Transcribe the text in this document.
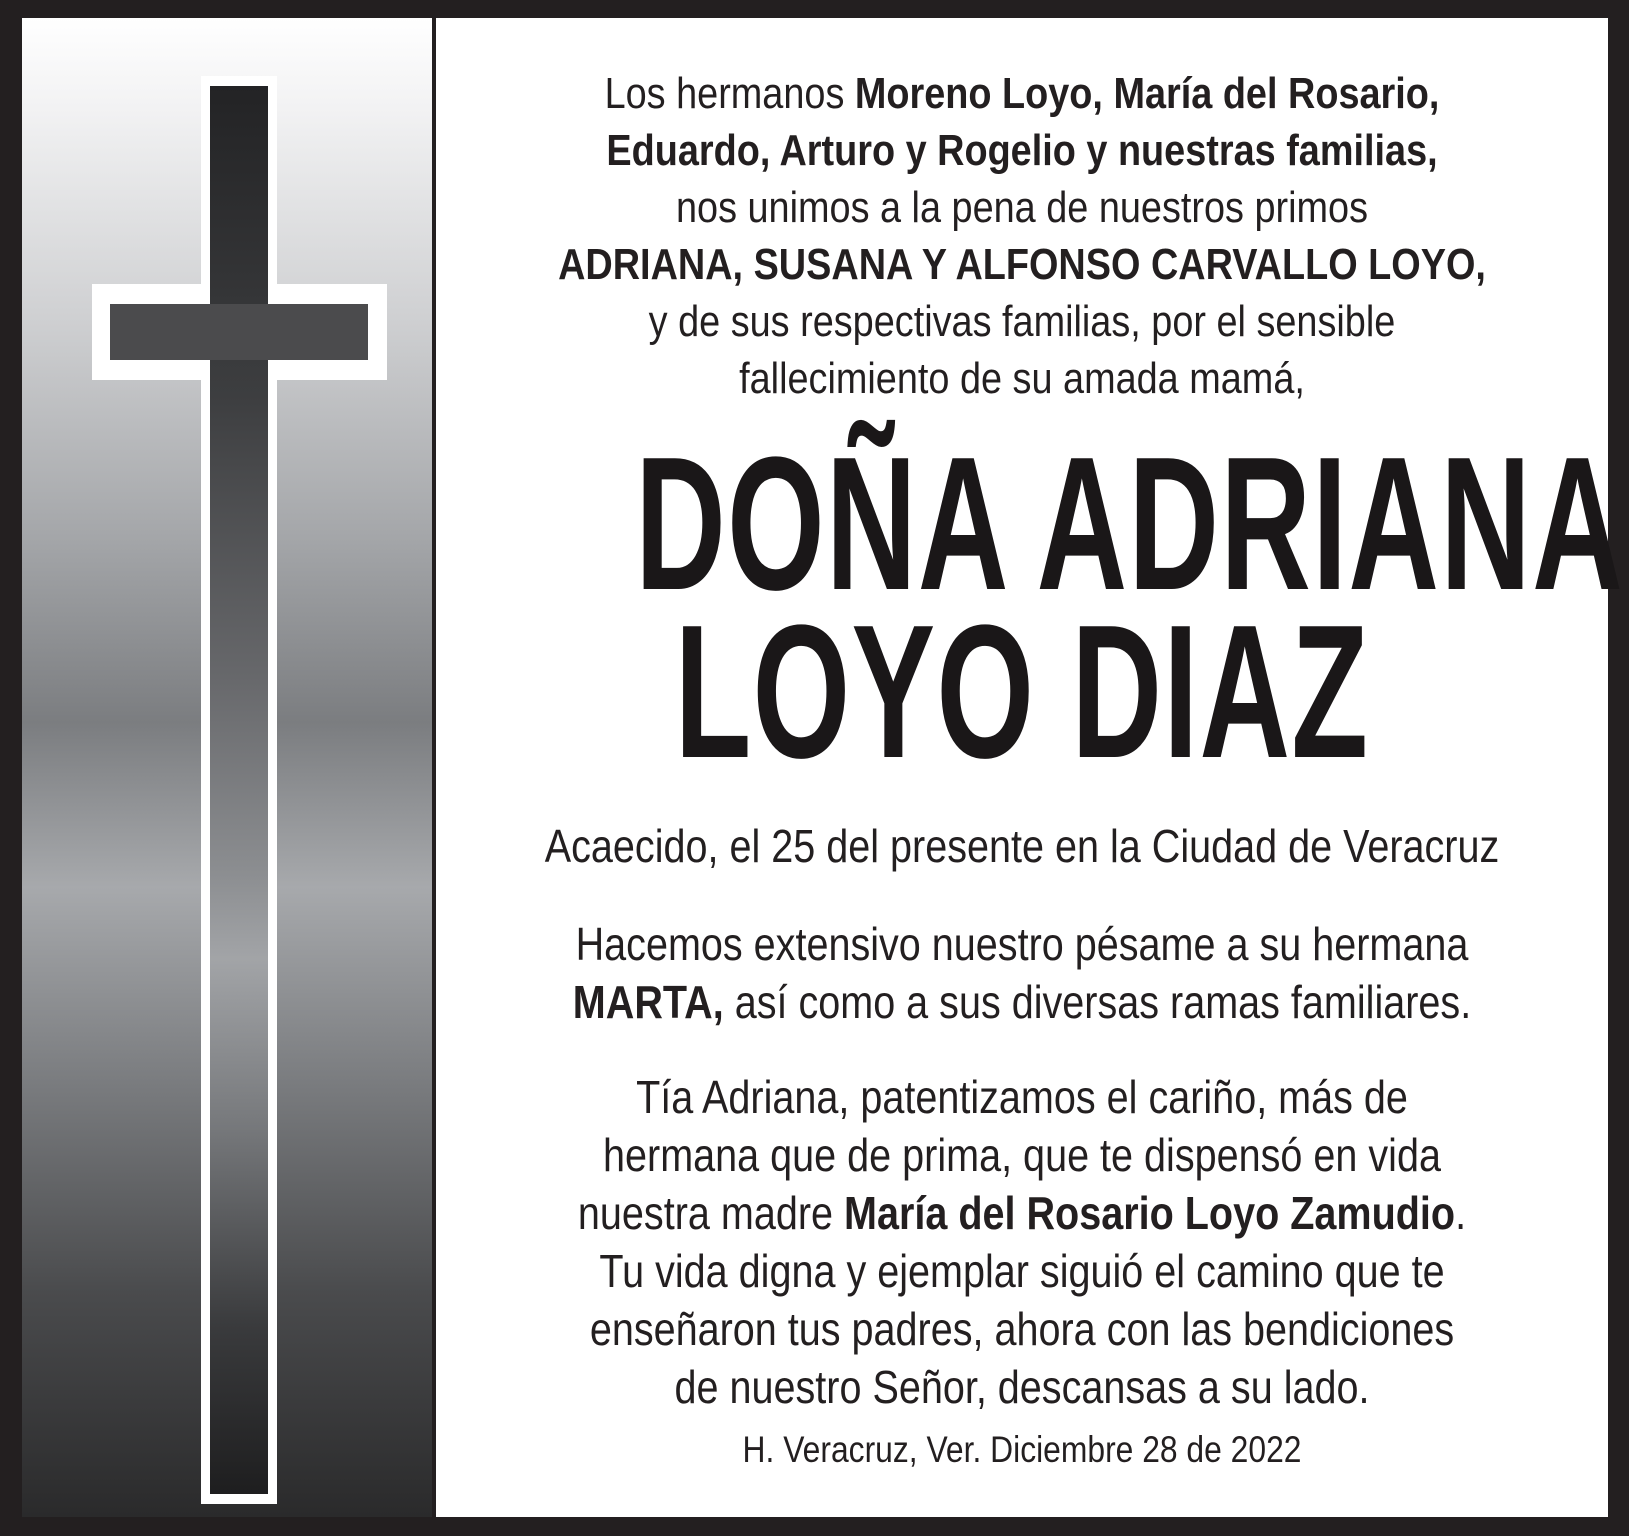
Los hermanos Moreno Loyo, María del Rosario,
Eduardo, Arturo y Rogelio y nuestras familias,
nos unimos a la pena de nuestros primos
ADRIANA, SUSANA Y ALFONSO CARVALLO LOYO,
y de sus respectivas familias, por el sensible
fallecimiento de su amada mamá,
DOÑA ADRIANA
LOYO DIAZ
Acaecido, el 25 del presente en la Ciudad de Veracruz
Hacemos extensivo nuestro pésame a su hermana
MARTA, así como a sus diversas ramas familiares.
Tía Adriana, patentizamos el cariño, más de
hermana que de prima, que te dispensó en vida
nuestra madre María del Rosario Loyo Zamudio.
Tu vida digna y ejemplar siguió el camino que te
enseñaron tus padres, ahora con las bendiciones
de nuestro Señor, descansas a su lado.
H. Veracruz, Ver. Diciembre 28 de 2022
